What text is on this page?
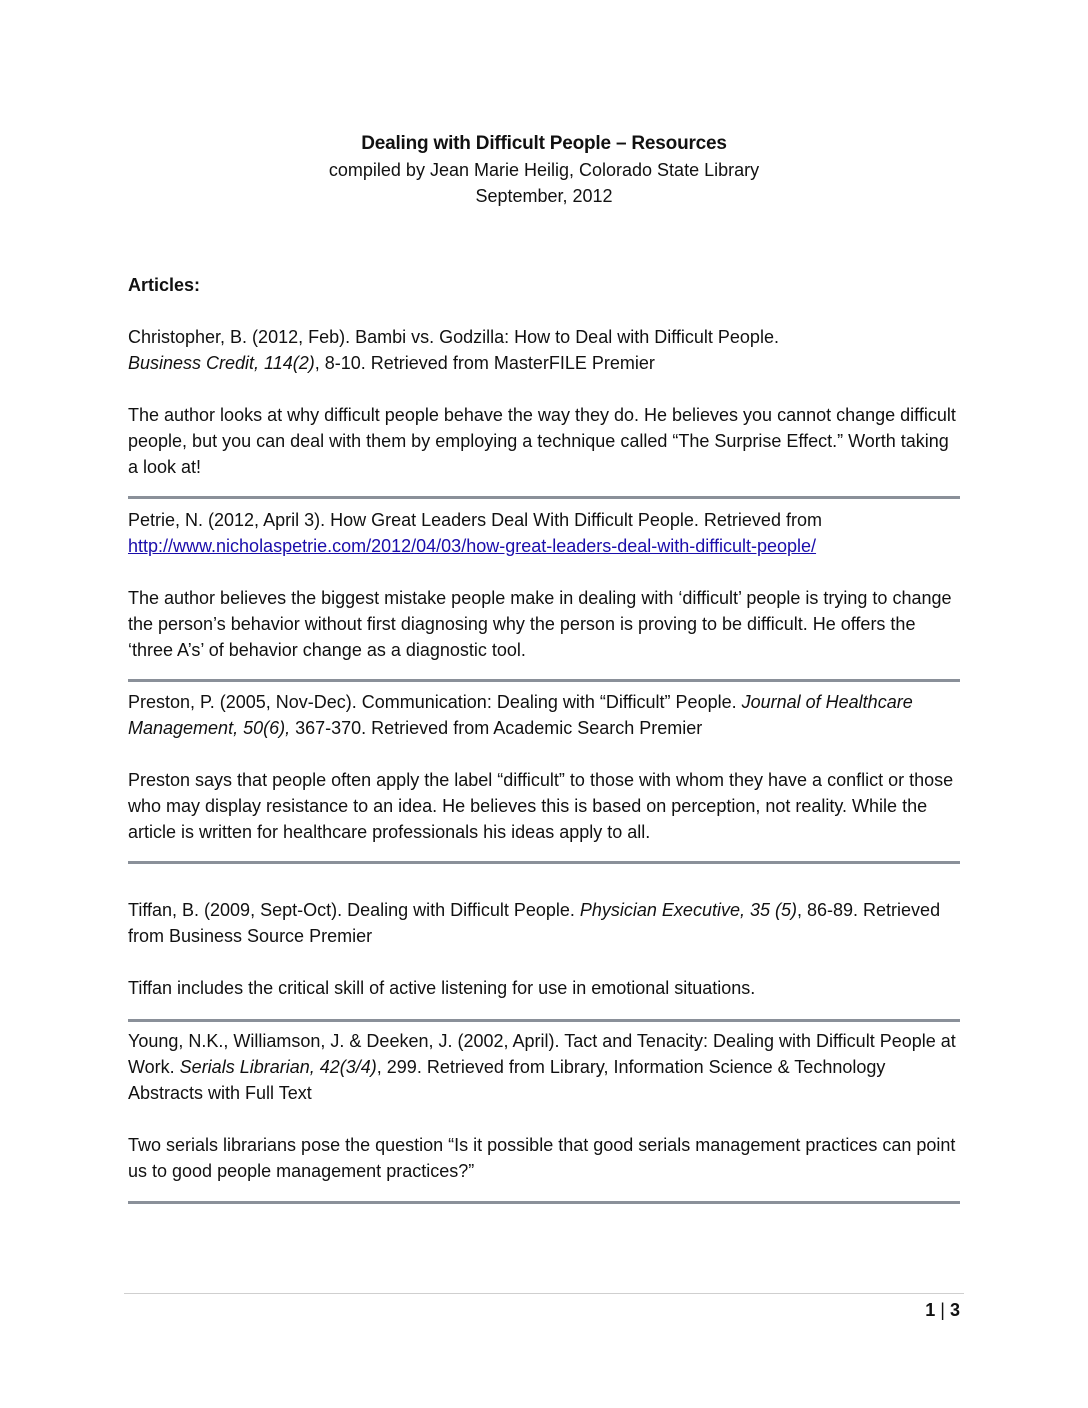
Dealing with Difficult People – Resources
compiled by Jean Marie Heilig, Colorado State Library
September, 2012
Articles:

Christopher, B. (2012, Feb). Bambi vs. Godzilla: How to Deal with Difficult People.
Business Credit, 114(2), 8-10. Retrieved from MasterFILE Premier

The author looks at why difficult people behave the way they do. He believes you cannot change difficult people, but you can deal with them by employing a technique called “The Surprise Effect.” Worth taking a look at!

Petrie, N. (2012, April 3). How Great Leaders Deal With Difficult People. Retrieved from
http://www.nicholaspetrie.com/2012/04/03/how-great-leaders-deal-with-difficult-people/

The author believes the biggest mistake people make in dealing with ‘difficult’ people is trying to change the person’s behavior without first diagnosing why the person is proving to be difficult. He offers the ‘three A’s’ of behavior change as a diagnostic tool.

Preston, P. (2005, Nov-Dec). Communication: Dealing with “Difficult” People. Journal of Healthcare Management, 50(6), 367-370. Retrieved from Academic Search Premier

Preston says that people often apply the label “difficult” to those with whom they have a conflict or those who may display resistance to an idea. He believes this is based on perception, not reality. While the article is written for healthcare professionals his ideas apply to all.

Tiffan, B. (2009, Sept-Oct). Dealing with Difficult People. Physician Executive, 35 (5), 86-89. Retrieved from Business Source Premier

Tiffan includes the critical skill of active listening for use in emotional situations.

Young, N.K., Williamson, J. & Deeken, J. (2002, April). Tact and Tenacity: Dealing with Difficult People at Work. Serials Librarian, 42(3/4), 299. Retrieved from Library, Information Science & Technology Abstracts with Full Text

Two serials librarians pose the question “Is it possible that good serials management practices can point us to good people management practices?”

1 | 3
